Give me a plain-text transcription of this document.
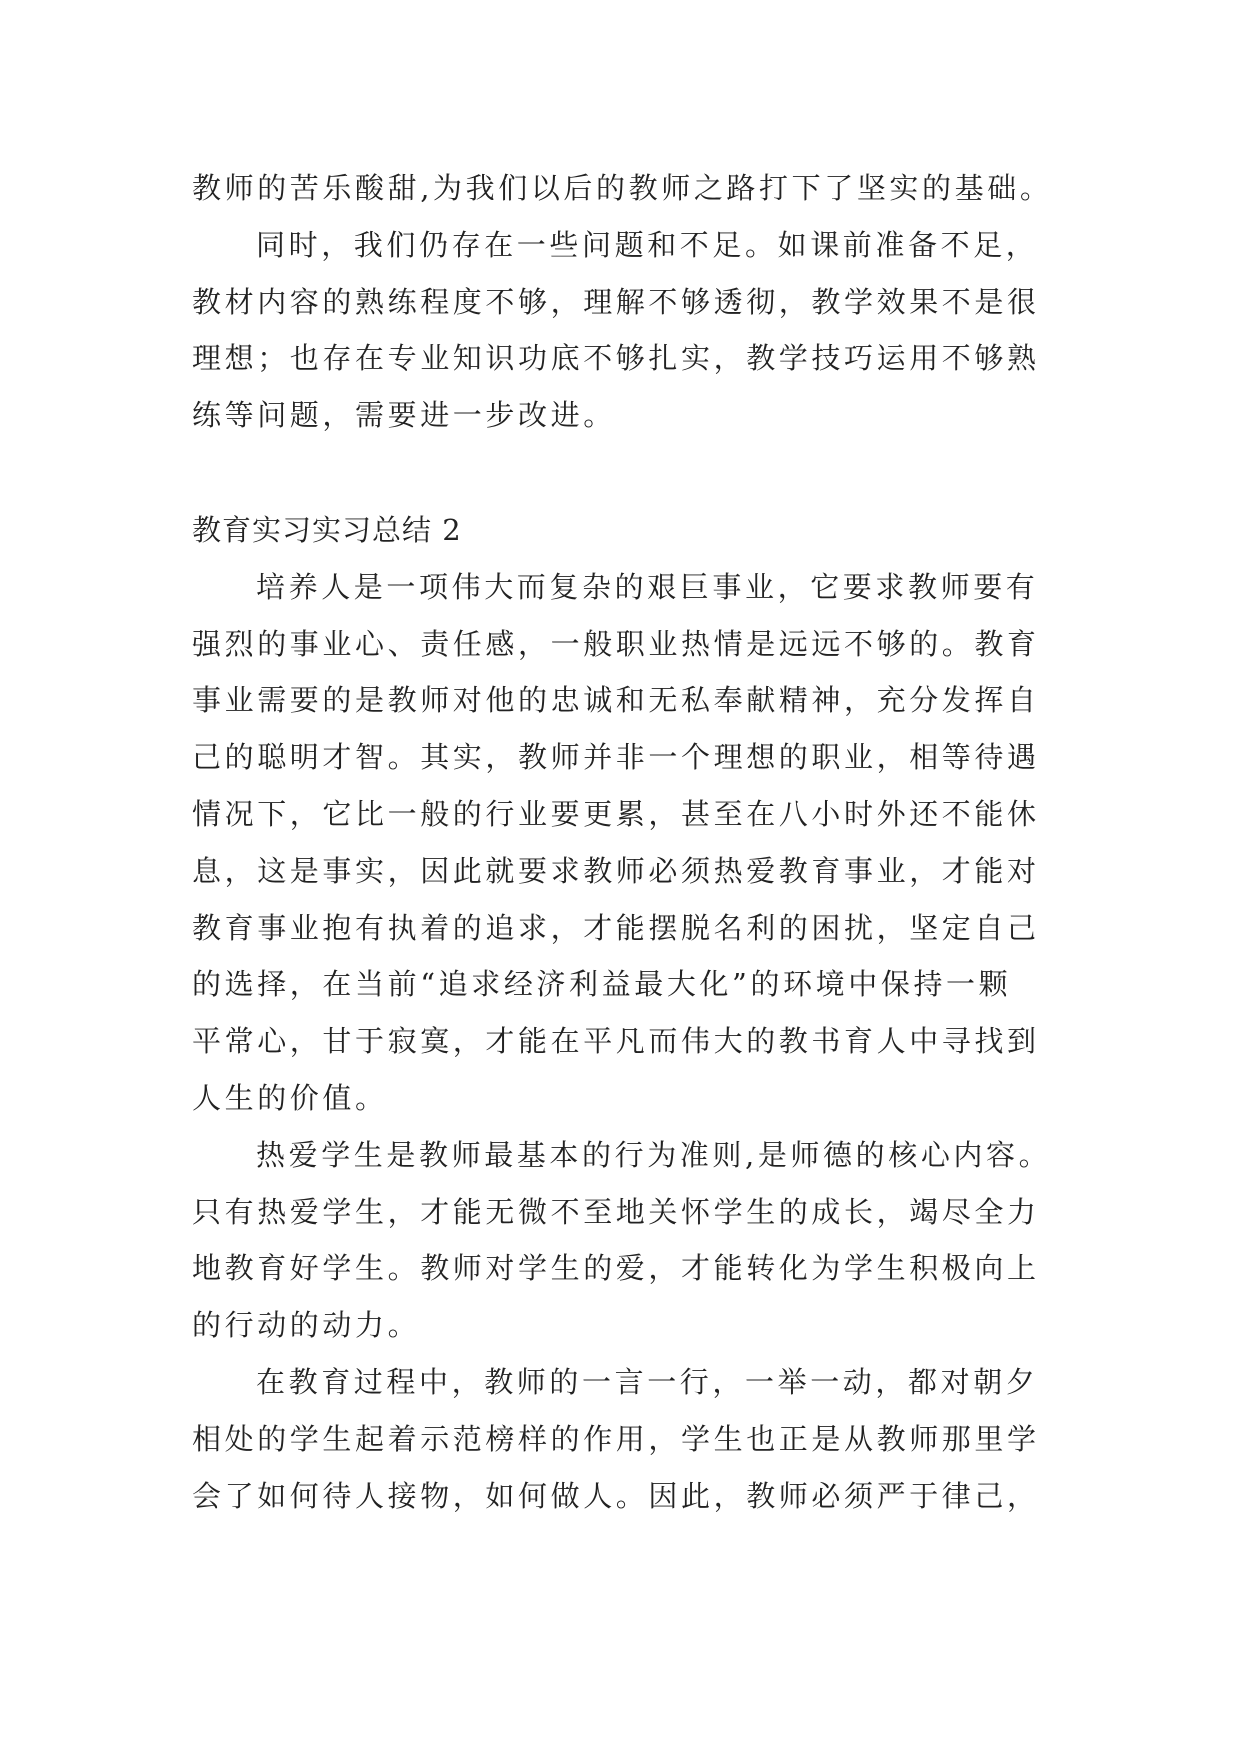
教师的苦乐酸甜,为我们以后的教师之路打下了坚实的基础。
同时，我们仍存在一些问题和不足。如课前准备不足，
教材内容的熟练程度不够，理解不够透彻，教学效果不是很
理想；也存在专业知识功底不够扎实，教学技巧运用不够熟
练等问题，需要进一步改进。
教育实习实习总结 2
培养人是一项伟大而复杂的艰巨事业，它要求教师要有
强烈的事业心、责任感，一般职业热情是远远不够的。教育
事业需要的是教师对他的忠诚和无私奉献精神，充分发挥自
己的聪明才智。其实，教师并非一个理想的职业，相等待遇
情况下，它比一般的行业要更累，甚至在八小时外还不能休
息，这是事实，因此就要求教师必须热爱教育事业，才能对
教育事业抱有执着的追求，才能摆脱名利的困扰，坚定自己
的选择，在当前“追求经济利益最大化”的环境中保持一颗
平常心，甘于寂寞，才能在平凡而伟大的教书育人中寻找到
人生的价值。
热爱学生是教师最基本的行为准则,是师德的核心内容。
只有热爱学生，才能无微不至地关怀学生的成长，竭尽全力
地教育好学生。教师对学生的爱，才能转化为学生积极向上
的行动的动力。
在教育过程中，教师的一言一行，一举一动，都对朝夕
相处的学生起着示范榜样的作用，学生也正是从教师那里学
会了如何待人接物，如何做人。因此，教师必须严于律己，
